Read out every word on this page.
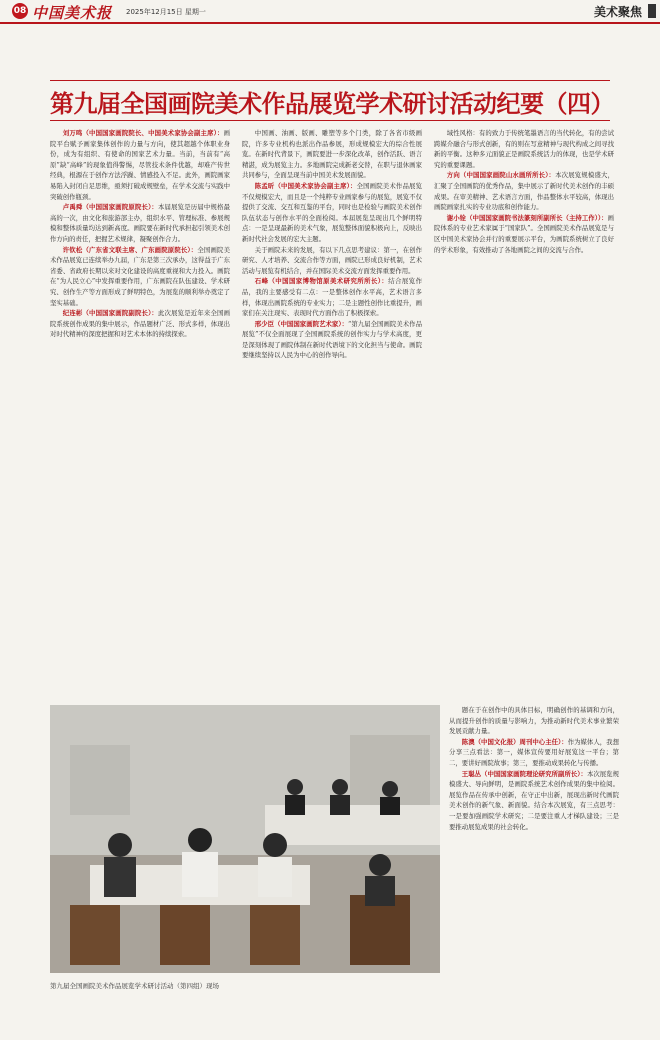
08 中国美术报 2025年12月15日 星期一	美术聚焦
第九届全国画院美术作品展览学术研讨活动纪要（四）

刘万鸣（中国国家画院院长、中国美术家协会副主席）：画院平台赋予画家集体创作的力量与方向，使其超越个体职业身份，成为有组织、有使命的国家艺术力量。当前，当前有“高原”缺“高峰”的现象值得警惕，尽管技术条件优越，却难产传世经典，根源在于创作方法浮躁、情感投入不足。此外，画院画家易陷入封闭自足思维，亟须打破成规壁垒，在学术交流与实践中突破创作瓶颈。

卢禹舜（中国国家画院原院长）：本届展览是历届中规格最高的一次，由文化和旅游部主办，组织水平、管理标准、参展规模和整体质量均达到新高度。画院要在新时代承担起引领美术创作方向的责任，把握艺术规律，凝聚创作合力。

许钦松（广东省文联主席、广东画院原院长）：全国画院美术作品展览已连续举办九届，广东是第三次承办，这得益于广东省委、省政府长期以来对文化建设的高度重视和大力投入。画院在“为人民立心”中发挥重要作用，广东画院在队伍建设、学术研究、创作生产等方面形成了鲜明特色，为展览的顺利举办奠定了坚实基础。

纪连彬（中国国家画院副院长）：此次展览是近年来全国画院系统创作成果的集中展示，作品题材广泛、形式多样，体现出对时代精神的深度把握和对艺术本体的持续探索。

中国画、油画、版画、雕塑等多个门类，除了各省市级画院，许多专业机构也派出作品参展，形成规模宏大的综合性展览。在新时代背景下，画院要进一步深化改革，创作活跃、语言精湛，成为展览主力。多地画院完成新老交替，在职与退休画家共同参与，全面呈现当前中国美术发展面貌。

陈孟昕（中国美术家协会副主席）：全国画院美术作品展览不仅规模宏大，而且是一个纯粹专业画家参与的展览，展览不仅提供了交流、交互和互鉴的平台，同时也是检验与画院美术创作队伍状态与创作水平的全面检阅。本届展览呈现出几个鲜明特点：一是呈现最新的美术气象，展览整体面貌积极向上，反映出新时代社会发展的宏大主题。

关于画院未来的发展，有以下几点思考建议：第一，在创作研究、人才培养、交流合作等方面，画院已形成良好机制，艺术活动与展览有机结合，并在国际美术交流方面发挥重要作用。

石峰（中国国家博物馆原美术研究所所长）：结合展览作品，我的主要感受有二点：一是整体创作水平高，艺术语言多样，体现出画院系统的专业实力；二是主题性创作比重提升，画家们在关注现实、表现时代方面作出了积极探索。

邢少臣（中国国家画院艺术家）：“第九届全国画院美术作品展览”不仅全面展现了全国画院系统的创作实力与学术高度，更是深刻体现了画院体制在新时代语境下的文化担当与使命。画院要继续坚持以人民为中心的创作导向。

域性风格：有的致力于传统笔墨语言的当代转化，有的尝试跨媒介融合与形式创新，有的则在写意精神与现代构成之间寻找新的平衡。这种多元面貌正是画院系统活力的体现，也是学术研究的重要课题。

方向（中国国家画院山水画所所长）：本次展览规模盛大，汇聚了全国画院的优秀作品，集中展示了新时代美术创作的丰硕成果。在审美精神、艺术语言方面，作品整体水平较高，体现出画院画家扎实的专业功底和创作能力。

谢小铨（中国国家画院书法篆刻所副所长（主持工作））：画院体系的专业艺术家属于“国家队”。全国画院美术作品展览是与区中国美术家协会并行的重要展示平台，为画院系统树立了良好的学术形象，有效推动了各地画院之间的交流与合作。

第九届全国画院美术作品展览学术研讨活动（第四组）现场

题在于在创作中的具体目标，明确创作的基调和方向，从而提升创作的质量与影响力，为推动新时代美术事业繁荣发展贡献力量。

陈澳（中国文化报）周刊中心主任）：作为媒体人，我想分享三点看法：第一，媒体宣传要用好展览这一平台；第二，要讲好画院故事；第三，要推动成果转化与传播。

王聪丛（中国国家画院理论研究所副所长）：本次展览规模盛大、导向鲜明，是画院系统艺术创作成果的集中检阅。展览作品在传承中创新，在守正中出新，展现出新时代画院美术创作的新气象、新面貌。结合本次展览，有三点思考：一是要加强画院学术研究；二是要注重人才梯队建设；三是要推动展览成果的社会转化。
